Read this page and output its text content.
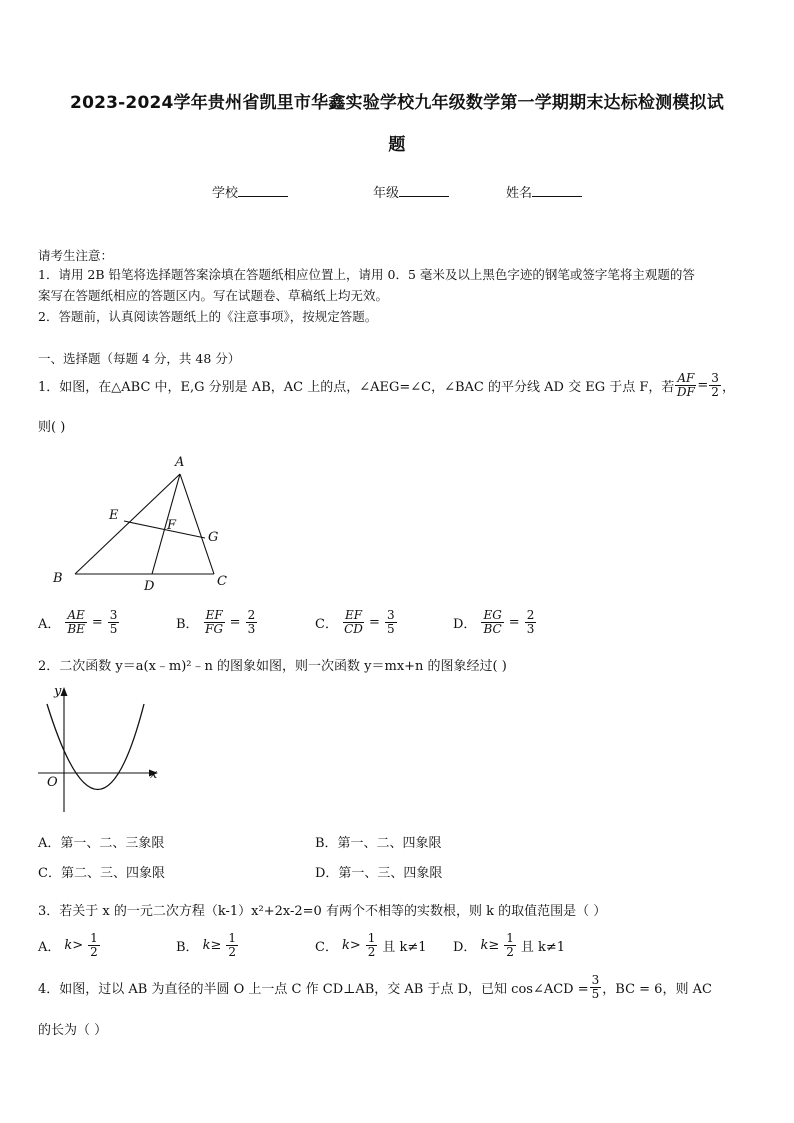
2023-2024学年贵州省凯里市华鑫实验学校九年级数学第一学期期末达标检测模拟试
题
学校	年级	姓名
请考生注意：
1．请用 2B 铅笔将选择题答案涂填在答题纸相应位置上，请用 0．5 毫米及以上黑色字迹的钢笔或签字笔将主观题的答
案写在答题纸相应的答题区内。写在试题卷、草稿纸上均无效。
2．答题前，认真阅读答题纸上的《注意事项》，按规定答题。
一、选择题（每题 4 分，共 48 分）
1．如图，在△ABC 中，E,G 分别是 AB，AC 上的点，∠AEG=∠C，∠BAC 的平分线 AD 交 EG 于点 F，若 $\frac{AF}{DF} = \frac{3}{2}$ ，
则( )
A
B	C
D
E
F
G
A． $\frac{AE}{BE} = \frac{3}{5}$	B． $\frac{EF}{FG} = \frac{2}{3}$	C． $\frac{EF}{CD} = \frac{3}{5}$	D． $\frac{EG}{BC} = \frac{2}{3}$
2．二次函数 y＝a(x﹣m)²﹣n 的图象如图，则一次函数 y＝mx+n 的图象经过( )
y
x
O
A．第一、二、三象限	B．第一、二、四象限
C．第二、三、四象限	D．第一、三、四象限
3．若关于 x 的一元二次方程（k-1）x²+2x-2=0 有两个不相等的实数根，则 k 的取值范围是（ ）
A． $k> \frac{1}{2}$	B． $k\ge \frac{1}{2}$	C． $k> \frac{1}{2}$ 且 k≠1 D． $k\ge \frac{1}{2}$ 且 k≠1
4．如图，过以 AB 为直径的半圆 O 上一点 C 作 CD⊥AB，交 AB 于点 D，已知 cos∠ACD = $\frac{3}{5}$ ，BC = 6，则 AC
的长为（ ）
